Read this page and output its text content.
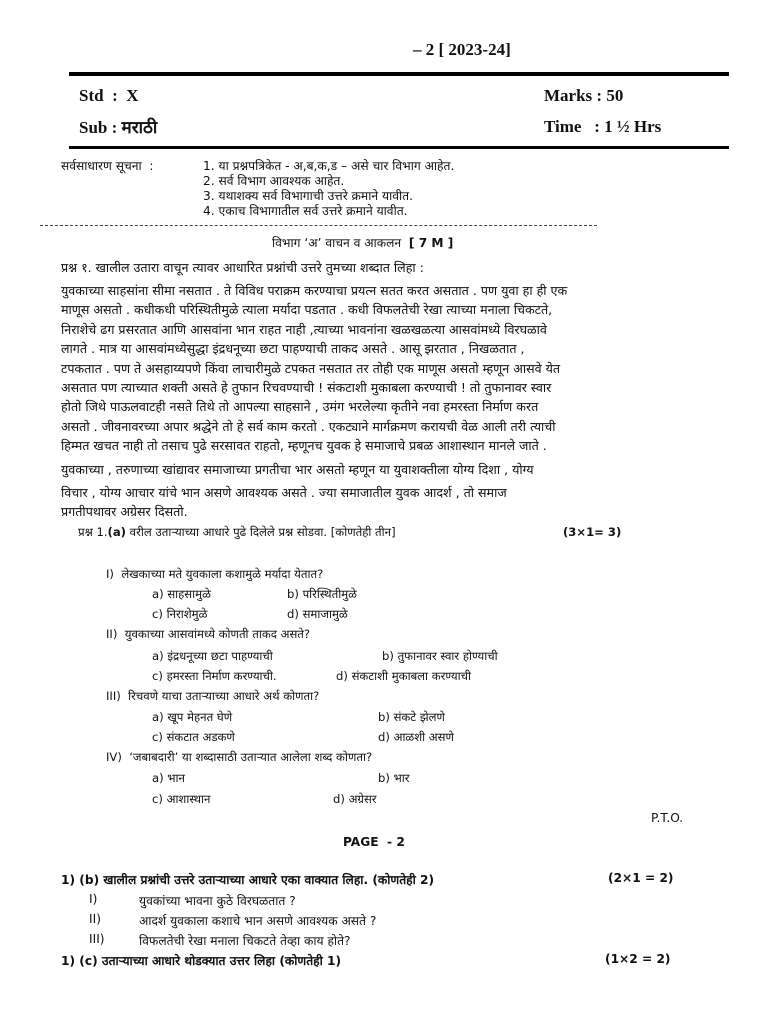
– 2 [ 2023-24]
Std  :  X	Marks : 50
Sub : मराठी	Time   : 1 ½ Hrs
सर्वसाधारण सूचना  :	1. या प्रश्नपत्रिकेत - अ,ब,क,ड – असे चार विभाग आहेत.
2. सर्व विभाग आवश्यक आहेत.
3. यथाशक्य सर्व विभागाची उत्तरे क्रमाने यावीत.
4. एकाच विभागातील सर्व उत्तरे क्रमाने यावीत.
विभाग ‘अ’ वाचन व आकलन [ 7 M ]
प्रश्न १. खालील उतारा वाचून त्यावर आधारित प्रश्नांची उत्तरे तुमच्या शब्दात लिहा :
युवकाच्या साहसांना सीमा नसतात . ते विविध पराक्रम करण्याचा प्रयत्न सतत करत असतात . पण युवा हा ही एक
माणूस असतो . कधीकधी परिस्थितीमुळे त्याला मर्यादा पडतात . कधी विफलतेची रेखा त्याच्या मनाला चिकटते,
निराशेचे ढग प्रसरतात आणि आसवांना भान राहत नाही ,त्याच्या भावनांना खळखळत्या आसवांमध्ये विरघळावे
लागते . मात्र या आसवांमध्येसुद्धा इंद्रधनूच्या छटा पाहण्याची ताकद असते . आसू झरतात , निखळतात ,
टपकतात . पण ते असहाय्यपणे किंवा लाचारीमुळे टपकत नसतात तर तोही एक माणूस असतो म्हणून आसवे येत
असतात पण त्याच्यात शक्ती असते हे तुफान रिचवण्याची ! संकटाशी मुकाबला करण्याची ! तो तुफानावर स्वार
होतो जिथे पाऊलवाटही नसते तिथे तो आपल्या साहसाने , उमंग भरलेल्या कृतीने नवा हमरस्ता निर्माण करत
असतो . जीवनावरच्या अपार श्रद्धेने तो हे सर्व काम करतो . एकट्याने मार्गक्रमण करायची वेळ आली तरी त्याची
हिम्मत खचत नाही तो तसाच पुढे सरसावत राहतो, म्हणूनच युवक हे समाजाचे प्रबळ आशास्थान मानले जाते .
युवकाच्या , तरुणाच्या खांद्यावर समाजाच्या प्रगतीचा भार असतो म्हणून या युवाशक्तीला योग्य दिशा , योग्य
विचार , योग्य आचार यांचे भान असणे आवश्यक असते . ज्या समाजातील युवक आदर्श , तो समाज
प्रगतीपथावर अग्रेसर दिसतो.
प्रश्न 1.(a) वरील उताऱ्याच्या आधारे पुढे दिलेले प्रश्न सोडवा. [कोणतेही तीन]	(3×1= 3)
I)  लेखकाच्या मते युवकाला कशामुळे मर्यादा येतात?
a) साहसामुळे	b) परिस्थितीमुळे
c) निराशेमुळे	d) समाजामुळे
II)  युवकाच्या आसवांमध्ये कोणती ताकद असते?
a) इंद्रधनूच्या छटा पाहण्याची	b) तुफानावर स्वार होण्याची
c) हमरस्ता निर्माण करण्याची.	d) संकटाशी मुकाबला करण्याची
III)  रिचवणे याचा उताऱ्याच्या आधारे अर्थ कोणता?
a) खूप मेहनत घेणे	b) संकटे झेलणे
c) संकटात अडकणे	d) आळशी असणे
IV)  ‘जबाबदारी’ या शब्दासाठी उताऱ्यात आलेला शब्द कोणता?
a) भान	b) भार
c) आशास्थान	d) अग्रेसर
P.T.O.
PAGE  - 2
1) (b) खालील प्रश्नांची उत्तरे उताऱ्याच्या आधारे एका वाक्यात लिहा. (कोणतेही 2)	(2×1 = 2)
I)	युवकांच्या भावना कुठे विरघळतात ?
II)	आदर्श युवकाला कशाचे भान असणे आवश्यक असते ?
III)	विफलतेची रेखा मनाला चिकटते तेव्हा काय होते?
1) (c) उताऱ्याच्या आधारे थोडक्यात उत्तर लिहा (कोणतेही 1)	(1×2 = 2)
